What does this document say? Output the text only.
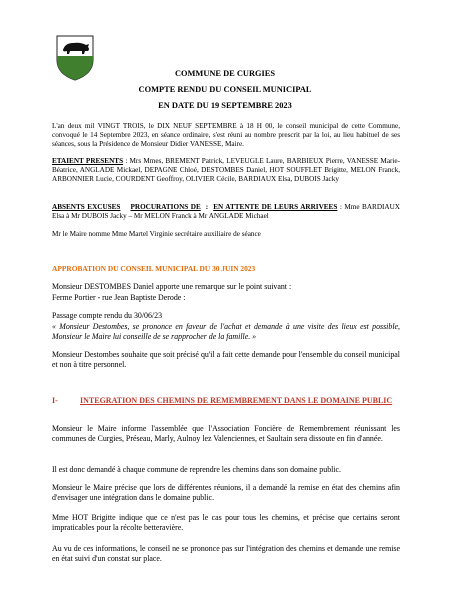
COMMUNE DE CURGIES
COMPTE RENDU DU CONSEIL MUNICIPAL
EN DATE DU 19 SEPTEMBRE 2023
L'an deux mil VINGT TROIS, le DIX NEUF SEPTEMBRE à 18 H 00, le conseil municipal de cette Commune, convoqué le 14 Septembre 2023, en séance ordinaire, s'est réuni au nombre prescrit par la loi, au lieu habituel de ses séances, sous la Présidence de Monsieur Didier VANESSE, Maire.
ETAIENT PRESENTS : Mrs Mmes, BREMENT Patrick, LEVEUGLE Laure, BARBIEUX Pierre, VANESSE Marie-Béatrice, ANGLADE Mickael, DEPAGNE Chloé, DESTOMBES Daniel, HOT SOUFFLET Brigitte, MELON Franck, ARBONNIER Lucie, COURDENT Geoffroy, OLIVIER Cécile, BARDIAUX Elsa, DUBOIS Jacky
ABSENTS EXCUSES PROCURATIONS DE  :  EN ATTENTE DE LEURS ARRIVEES : Mme BARDIAUX Elsa à Mr DUBOIS Jacky – Mr MELON Franck à Mr ANGLADE Michael
Mr le Maire nomme Mme Martel Virginie secrétaire auxiliaire de séance
APPROBATION DU CONSEIL MUNICIPAL DU 30 JUIN 2023
Monsieur DESTOMBES Daniel apporte une remarque sur le point suivant :
Ferme Portier - rue Jean Baptiste Derode :
Passage compte rendu du 30/06/23
« Monsieur Destombes, se prononce en faveur de l'achat et demande à une visite des lieux est possible, Monsieur le Maire lui conseille de se rapprocher de la famille. »
Monsieur Destombes souhaite que soit précisé qu'il a fait cette demande pour l'ensemble du conseil municipal et non à titre personnel.
I-	INTEGRATION DES CHEMINS DE REMEMBREMENT DANS LE DOMAINE PUBLIC
Monsieur le Maire informe l'assemblée que l'Association Foncière de Remembrement réunissant les communes de Curgies, Préseau, Marly, Aulnoy lez Valenciennes, et Saultain sera dissoute en fin d'année.
Il est donc demandé à chaque commune de reprendre les chemins dans son domaine public.
Monsieur le Maire précise que lors de différentes réunions, il a demandé la remise en état des chemins afin d'envisager une intégration dans le domaine public.
Mme HOT Brigitte indique que ce n'est pas le cas pour tous les chemins, et précise que certains seront impraticables pour la récolte betteravière.
Au vu de ces informations, le conseil ne se prononce pas sur l'intégration des chemins et demande une remise en état suivi d'un constat sur place.
